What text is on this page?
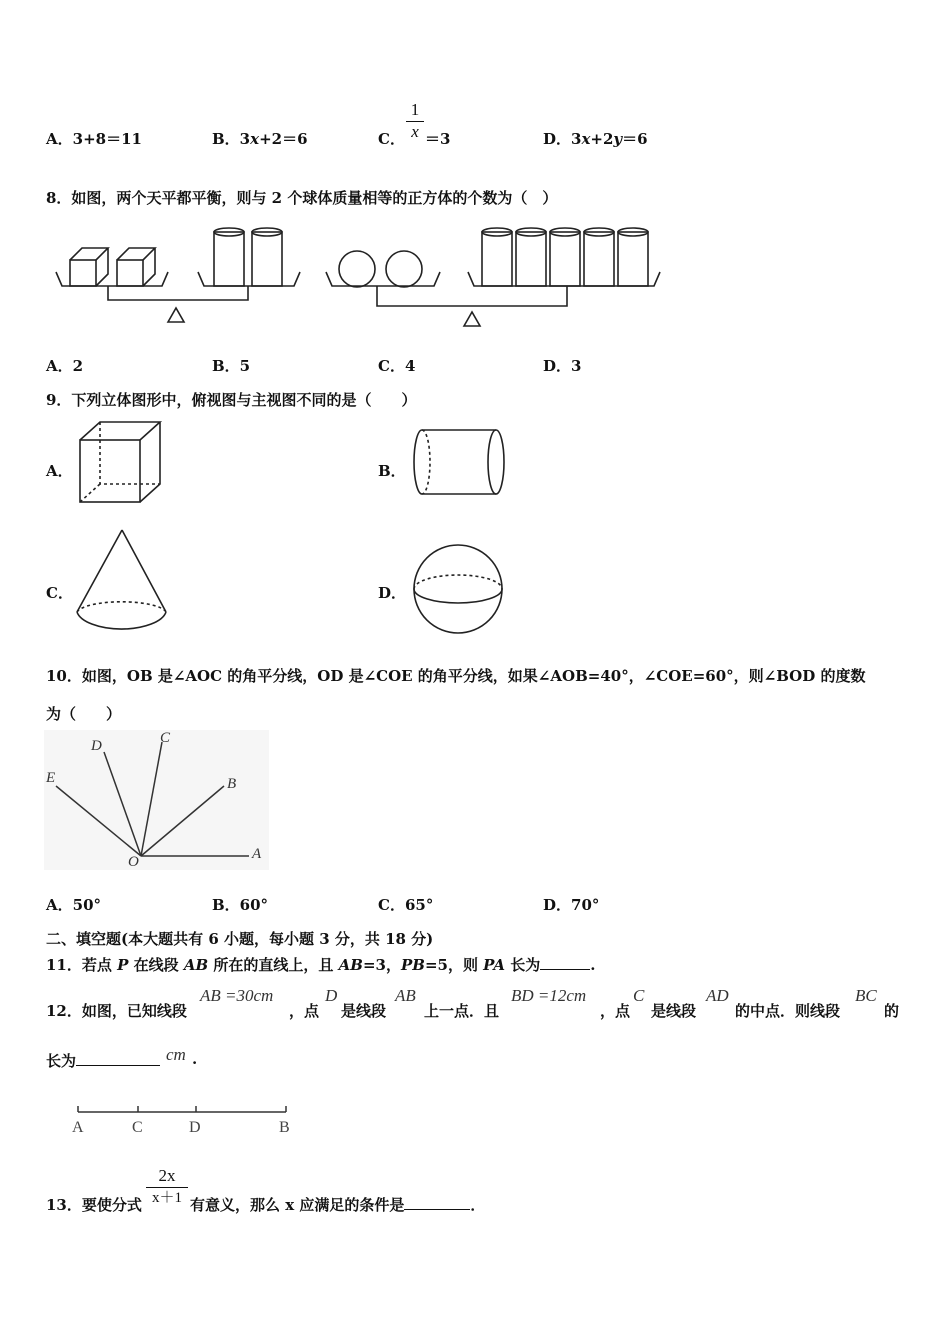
A．3+8＝11	B．3x+2＝6	C．
1
x ＝3	D．3x+2y＝6
8．如图，两个天平都平衡，则与 2 个球体质量相等的正方体的个数为（　）
A．2	B．5	C．4	D．3
9．下列立体图形中，俯视图与主视图不同的是（　　）
A．	B．
C．	D．
10．如图，OB 是∠AOC 的角平分线，OD 是∠COE 的角平分线，如果∠AOB=40°，∠COE=60°，则∠BOD 的度数
为（　　）
D	C
E	B
O	A
A．50°	B．60°	C．65°	D．70°
二、填空题(本大题共有 6 小题，每小题 3 分，共 18 分)
11．若点 P 在线段 AB 所在的直线上，且 AB=3，PB=5，则 PA 长为	.
12．如图，已知线段
AB =30cm
，点
D
是线段
AB
上一点．且
BD =12cm
，点
C
是线段
AD
的中点．则线段
BC
的
长为	cm .
A	C	D	B
13．要使分式
2x
x＋1 有意义，那么 x 应满足的条件是	．
